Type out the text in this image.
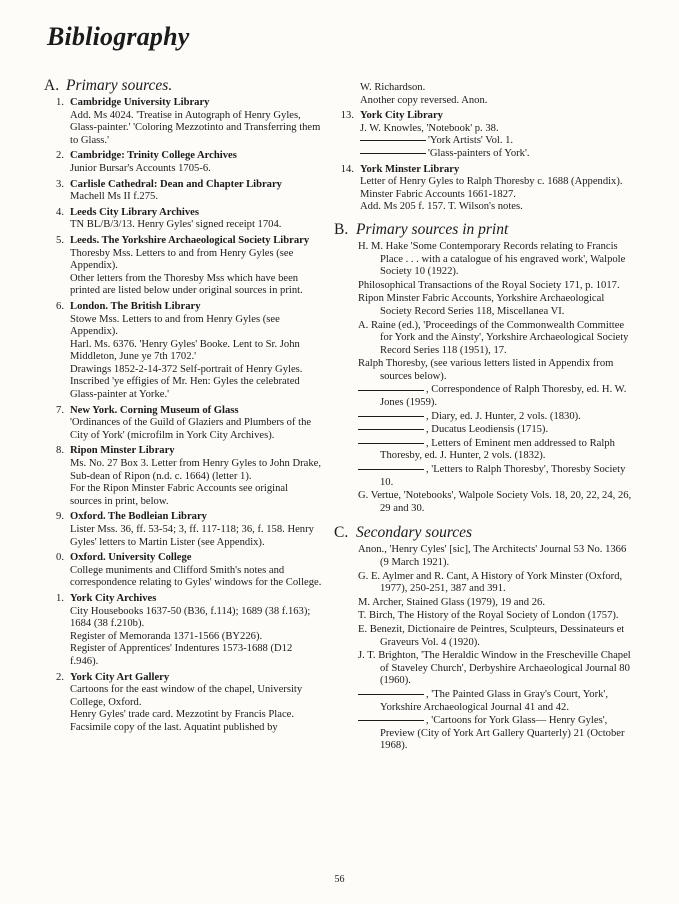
Bibliography
A. Primary sources.
1. Cambridge University Library
Add. Ms 4024. 'Treatise in Autograph of Henry Gyles, Glass-painter.' 'Coloring Mezzotinto and Transferring them to Glass.'
2. Cambridge: Trinity College Archives
Junior Bursar's Accounts 1705-6.
3. Carlisle Cathedral: Dean and Chapter Library
Machell Ms II f.275.
4. Leeds City Library Archives
TN BL/B/3/13. Henry Gyles' signed receipt 1704.
5. Leeds. The Yorkshire Archaeological Society Library
Thoresby Mss. Letters to and from Henry Gyles (see Appendix).
Other letters from the Thoresby Mss which have been printed are listed below under original sources in print.
6. London. The British Library
Stowe Mss. Letters to and from Henry Gyles (see Appendix).
Harl. Ms. 6376. 'Henry Gyles' Booke. Lent to Sr. John Middleton, June ye 7th 1702.'
Drawings 1852-2-14-372 Self-portrait of Henry Gyles. Inscribed 'ye effigies of Mr. Hen: Gyles the celebrated Glass-painter at Yorke.'
7. New York. Corning Museum of Glass
'Ordinances of the Guild of Glaziers and Plumbers of the City of York' (microfilm in York City Archives).
8. Ripon Minster Library
Ms. No. 27 Box 3. Letter from Henry Gyles to John Drake, Sub-dean of Ripon (n.d. c. 1664) (letter 1).
For the Ripon Minster Fabric Accounts see original sources in print, below.
9. Oxford. The Bodleian Library
Lister Mss. 36, ff. 53-54; 3, ff. 117-118; 36, f. 158. Henry Gyles' letters to Martin Lister (see Appendix).
0. Oxford. University College
College muniments and Clifford Smith's notes and correspondence relating to Gyles' windows for the College.
1. York City Archives
City Housebooks 1637-50 (B36, f.114); 1689 (38 f.163); 1684 (38 f.210b).
Register of Memoranda 1371-1566 (BY226).
Register of Apprentices' Indentures 1573-1688 (D12 f.946).
2. York City Art Gallery
Cartoons for the east window of the chapel, University College, Oxford.
Henry Gyles' trade card. Mezzotint by Francis Place.
Facsimile copy of the last. Aquatint published by
W. Richardson.
Another copy reversed. Anon.
13. York City Library
J. W. Knowles, 'Notebook' p. 38.
'York Artists' Vol. 1.
'Glass-painters of York'.
14. York Minster Library
Letter of Henry Gyles to Ralph Thoresby c. 1688 (Appendix).
Minster Fabric Accounts 1661-1827.
Add. Ms 205 f. 157. T. Wilson's notes.
B. Primary sources in print
H. M. Hake 'Some Contemporary Records relating to Francis Place . . . with a catalogue of his engraved work', Walpole Society 10 (1922).
Philosophical Transactions of the Royal Society 171, p. 1017.
Ripon Minster Fabric Accounts, Yorkshire Archaeological Society Record Series 118, Miscellanea VI.
A. Raine (ed.), 'Proceedings of the Commonwealth Committee for York and the Ainsty', Yorkshire Archaeological Society Record Series 118 (1951), 17.
Ralph Thoresby, (see various letters listed in Appendix from sources below).
, Correspondence of Ralph Thoresby, ed. H. W. Jones (1959).
, Diary, ed. J. Hunter, 2 vols. (1830).
, Ducatus Leodiensis (1715).
, Letters of Eminent men addressed to Ralph Thoresby, ed. J. Hunter, 2 vols. (1832).
, 'Letters to Ralph Thoresby', Thoresby Society 10.
G. Vertue, 'Notebooks', Walpole Society Vols. 18, 20, 22, 24, 26, 29 and 30.
C. Secondary sources
Anon., 'Henry Cyles' [sic], The Architects' Journal 53 No. 1366 (9 March 1921).
G. E. Aylmer and R. Cant, A History of York Minster (Oxford, 1977), 250-251, 387 and 391.
M. Archer, Stained Glass (1979), 19 and 26.
T. Birch, The History of the Royal Society of London (1757).
E. Benezit, Dictionaire de Peintres, Sculpteurs, Dessinateurs et Graveurs Vol. 4 (1920).
J. T. Brighton, 'The Heraldic Window in the Frescheville Chapel of Staveley Church', Derbyshire Archaeological Journal 80 (1960).
, 'The Painted Glass in Gray's Court, York', Yorkshire Archaeological Journal 41 and 42.
, 'Cartoons for York Glass— Henry Gyles', Preview (City of York Art Gallery Quarterly) 21 (October 1968).
56
